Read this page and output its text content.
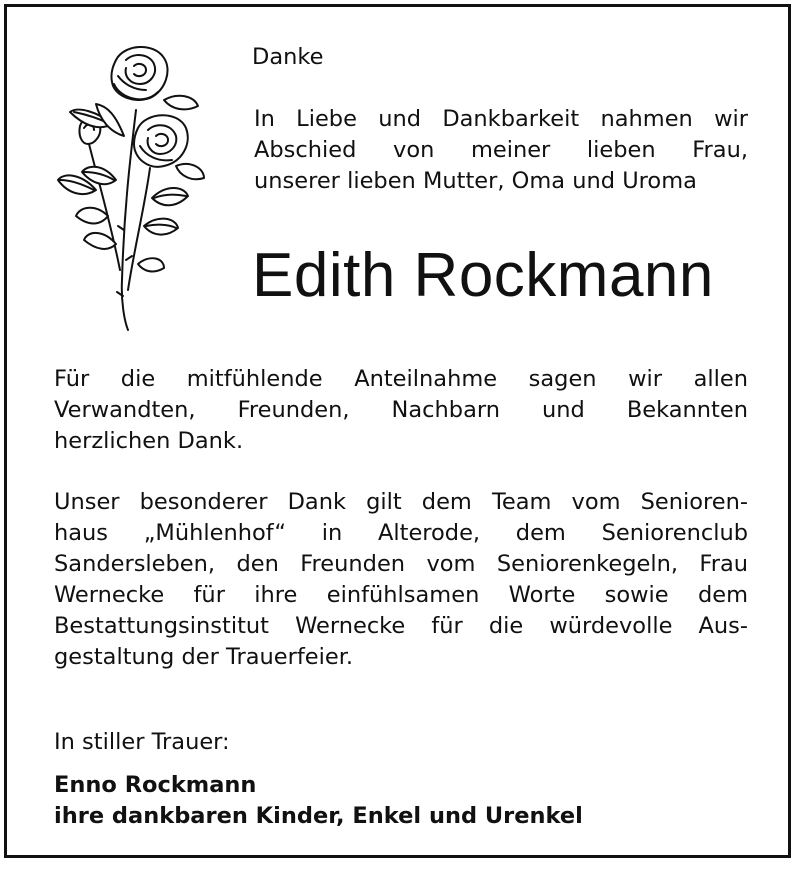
Danke

In Liebe und Dankbarkeit nahmen wir
Abschied von meiner lieben Frau,
unserer lieben Mutter, Oma und Uroma

Edith Rockmann

Für die mitfühlende Anteilnahme sagen wir allen
Verwandten, Freunden, Nachbarn und Bekannten
herzlichen Dank.

Unser besonderer Dank gilt dem Team vom Senioren-
haus „Mühlenhof“ in Alterode, dem Seniorenclub
Sandersleben, den Freunden vom Seniorenkegeln, Frau
Wernecke für ihre einfühlsamen Worte sowie dem
Bestattungsinstitut Wernecke für die würdevolle Aus-
gestaltung der Trauerfeier.

In stiller Trauer:

Enno Rockmann
ihre dankbaren Kinder, Enkel und Urenkel
